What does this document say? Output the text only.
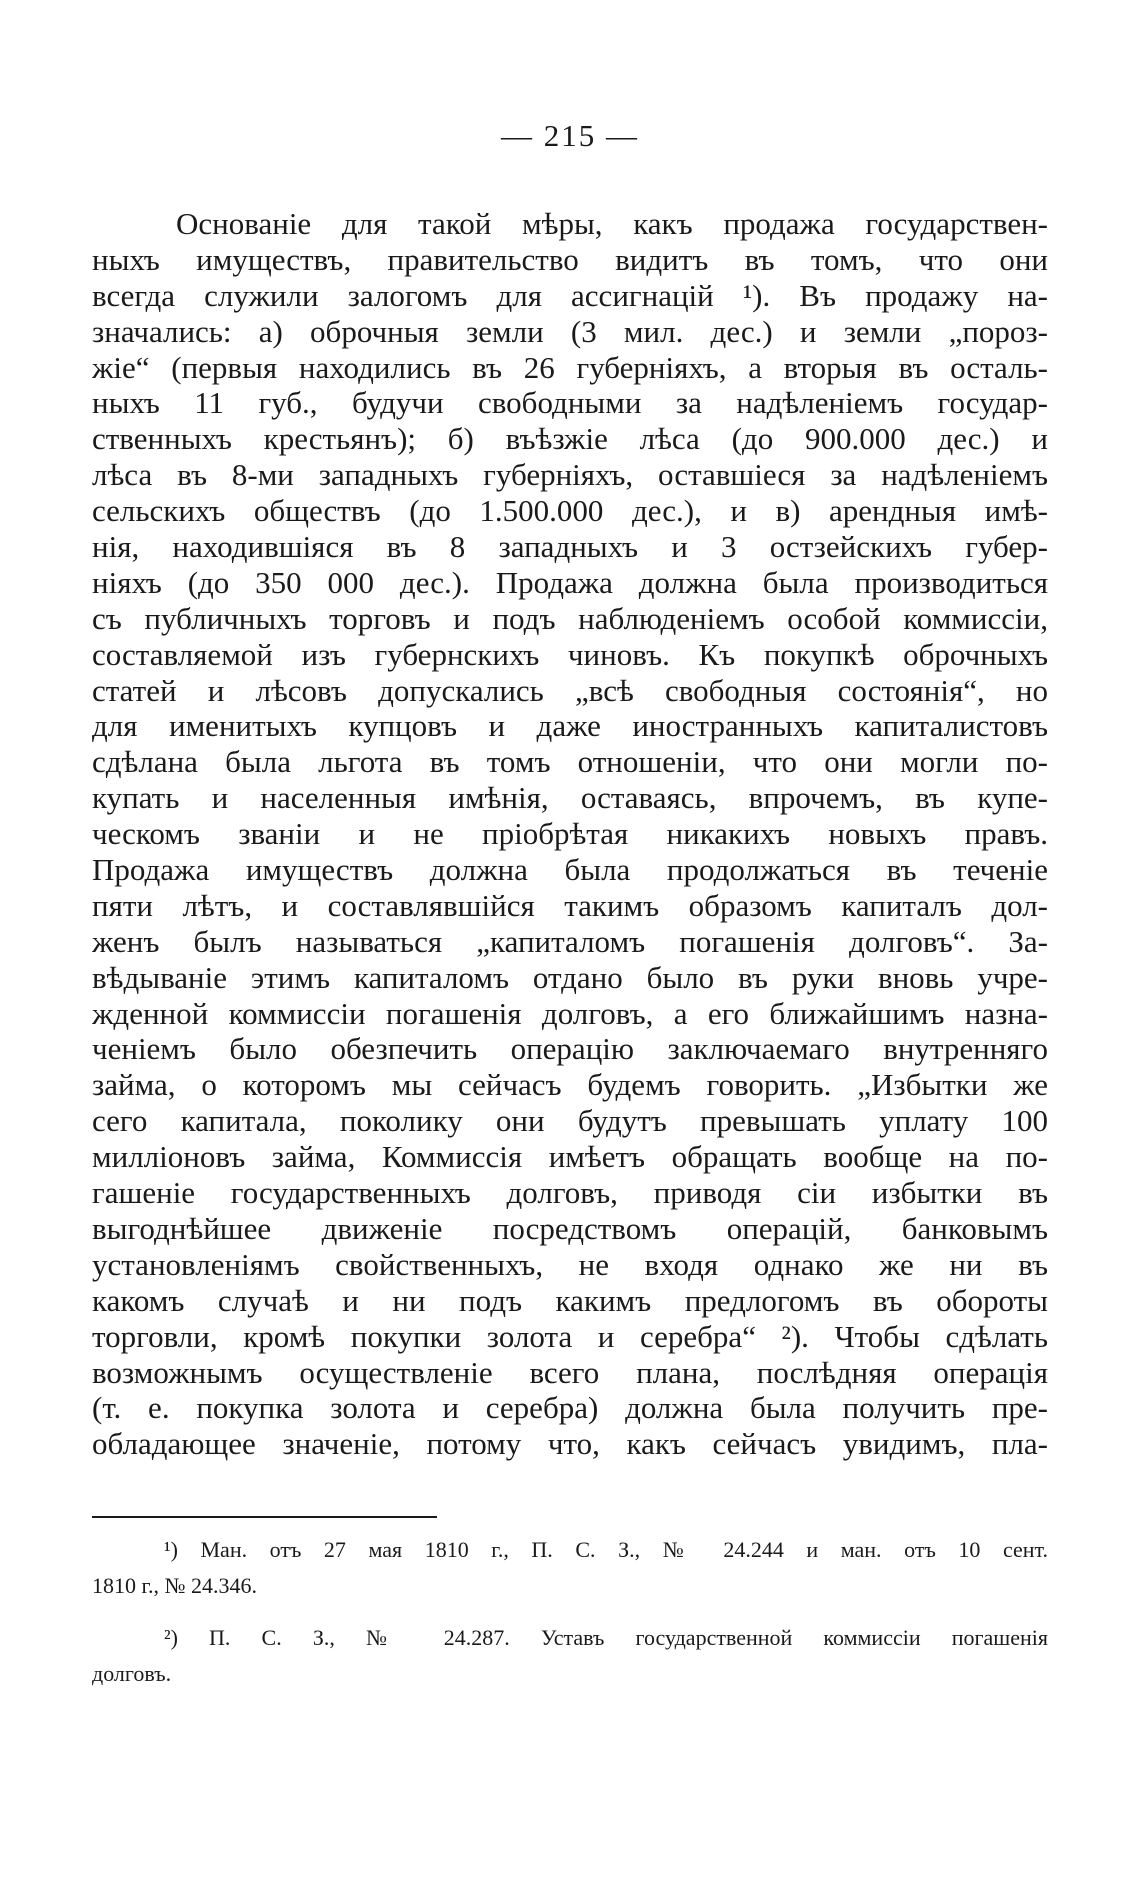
— 215 —
Основаніе для такой мѣры, какъ продажа государствен-
ныхъ имуществъ, правительство видитъ въ томъ, что они
всегда служили залогомъ для ассигнацій ¹). Въ продажу на-
значались: а) оброчныя земли (3 мил. дес.) и земли „пороз-
жіе“ (первыя находились въ 26 губерніяхъ, а вторыя въ осталь-
ныхъ 11 губ., будучи свободными за надѣленіемъ государ-
ственныхъ крестьянъ); б) въѣзжіе лѣса (до 900.000 дес.) и
лѣса въ 8-ми западныхъ губерніяхъ, оставшіеся за надѣленіемъ
сельскихъ обществъ (до 1.500.000 дес.), и в) арендныя имѣ-
нія, находившіяся въ 8 западныхъ и 3 остзейскихъ губер-
ніяхъ (до 350 000 дес.). Продажа должна была производиться
съ публичныхъ торговъ и подъ наблюденіемъ особой коммиссіи,
составляемой изъ губернскихъ чиновъ. Къ покупкѣ оброчныхъ
статей и лѣсовъ допускались „всѣ свободныя состоянія“, но
для именитыхъ купцовъ и даже иностранныхъ капиталистовъ
сдѣлана была льгота въ томъ отношеніи, что они могли по-
купать и населенныя имѣнія, оставаясь, впрочемъ, въ купе-
ческомъ званіи и не пріобрѣтая никакихъ новыхъ правъ.
Продажа имуществъ должна была продолжаться въ теченіе
пяти лѣтъ, и составлявшійся такимъ образомъ капиталъ дол-
женъ былъ называться „капиталомъ погашенія долговъ“. За-
вѣдываніе этимъ капиталомъ отдано было въ руки вновь учре-
жденной коммиссіи погашенія долговъ, а его ближайшимъ назна-
ченіемъ было обезпечить операцію заключаемаго внутренняго
займа, о которомъ мы сейчасъ будемъ говорить. „Избытки же
сего капитала, поколику они будутъ превышать уплату 100
милліоновъ займа, Коммиссія имѣетъ обращать вообще на по-
гашеніе государственныхъ долговъ, приводя сіи избытки въ
выгоднѣйшее движеніе посредствомъ операцій, банковымъ
установленіямъ свойственныхъ, не входя однако же ни въ
какомъ случаѣ и ни подъ какимъ предлогомъ въ обороты
торговли, кромѣ покупки золота и серебра“ ²). Чтобы сдѣлать
возможнымъ осуществленіе всего плана, послѣдняя операція
(т. е. покупка золота и серебра) должна была получить пре-
обладающее значеніе, потому что, какъ сейчасъ увидимъ, пла-
¹) Ман. отъ 27 мая 1810 г., П. С. З., № 24.244 и ман. отъ 10 сент.
1810 г., № 24.346.
²) П. С. З., № 24.287. Уставъ государственной коммиссіи погашенія
долговъ.
